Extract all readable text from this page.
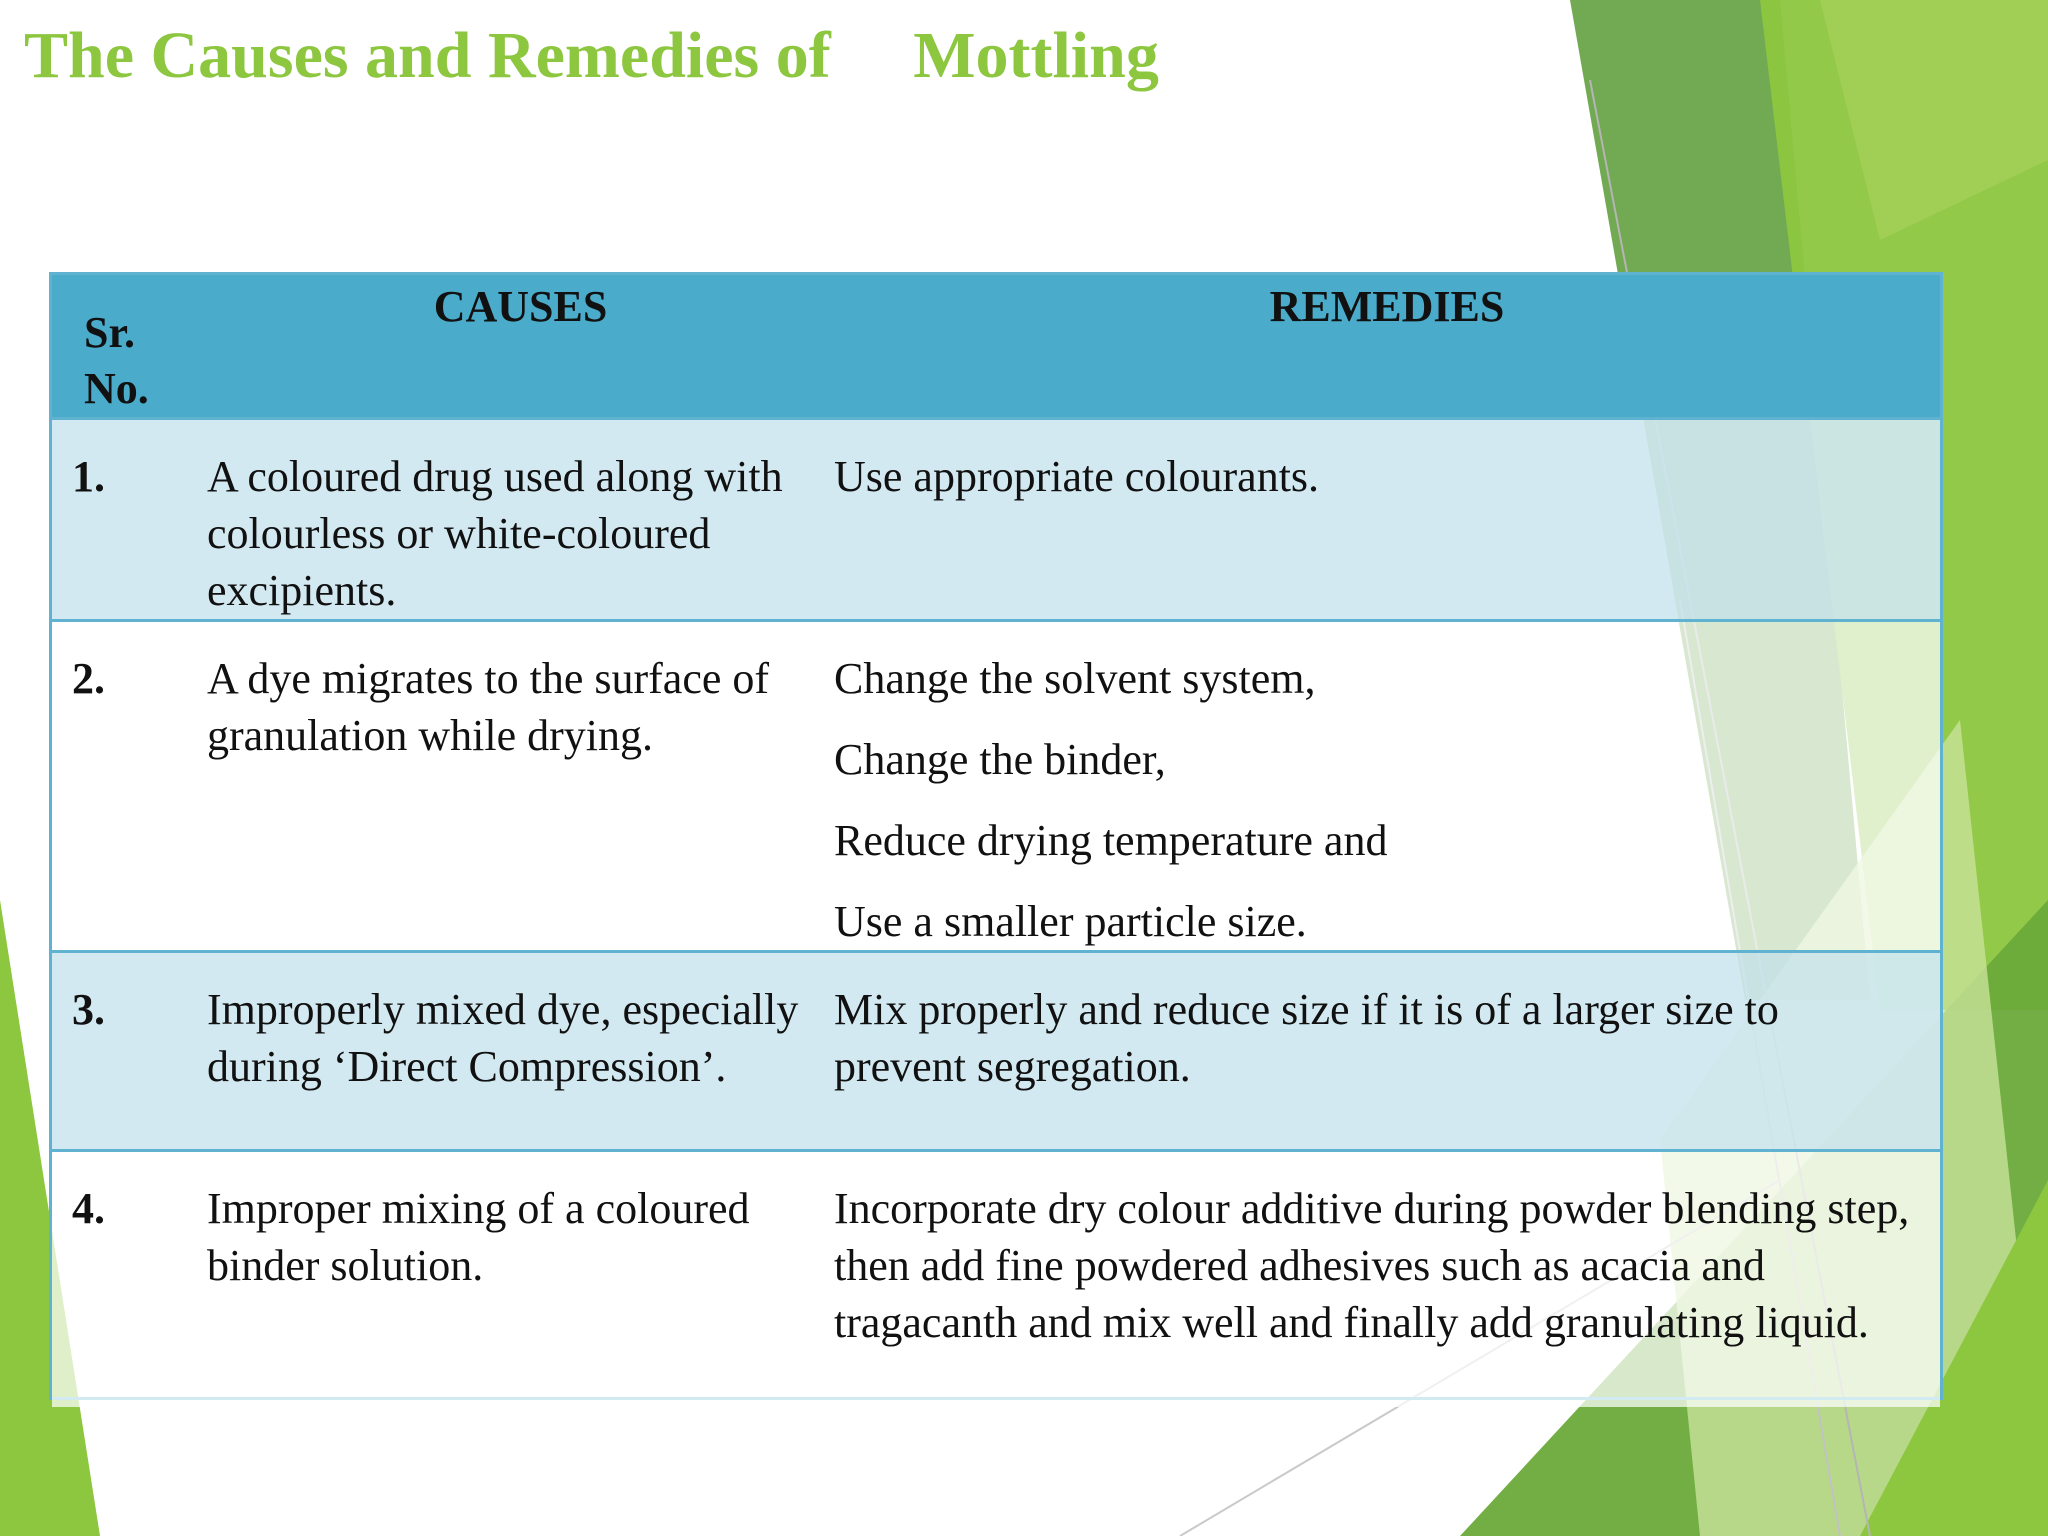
The Causes and Remedies of     Mottling
Sr. No.	CAUSES	REMEDIES
1.	A coloured drug used along with colourless or white-coloured excipients.	Use appropriate colourants.

2.	A dye migrates to the surface of granulation while drying.	Change the solvent system,
Change the binder,
Reduce drying temperature and
Use a smaller particle size.

3.	Improperly mixed dye, especially during ‘Direct Compression’.	Mix properly and reduce size if it is of a larger size to prevent segregation.

4.	Improper mixing of a coloured binder solution.	Incorporate dry colour additive during powder blending step, then add fine powdered adhesives such as acacia and tragacanth and mix well and finally add granulating liquid.
